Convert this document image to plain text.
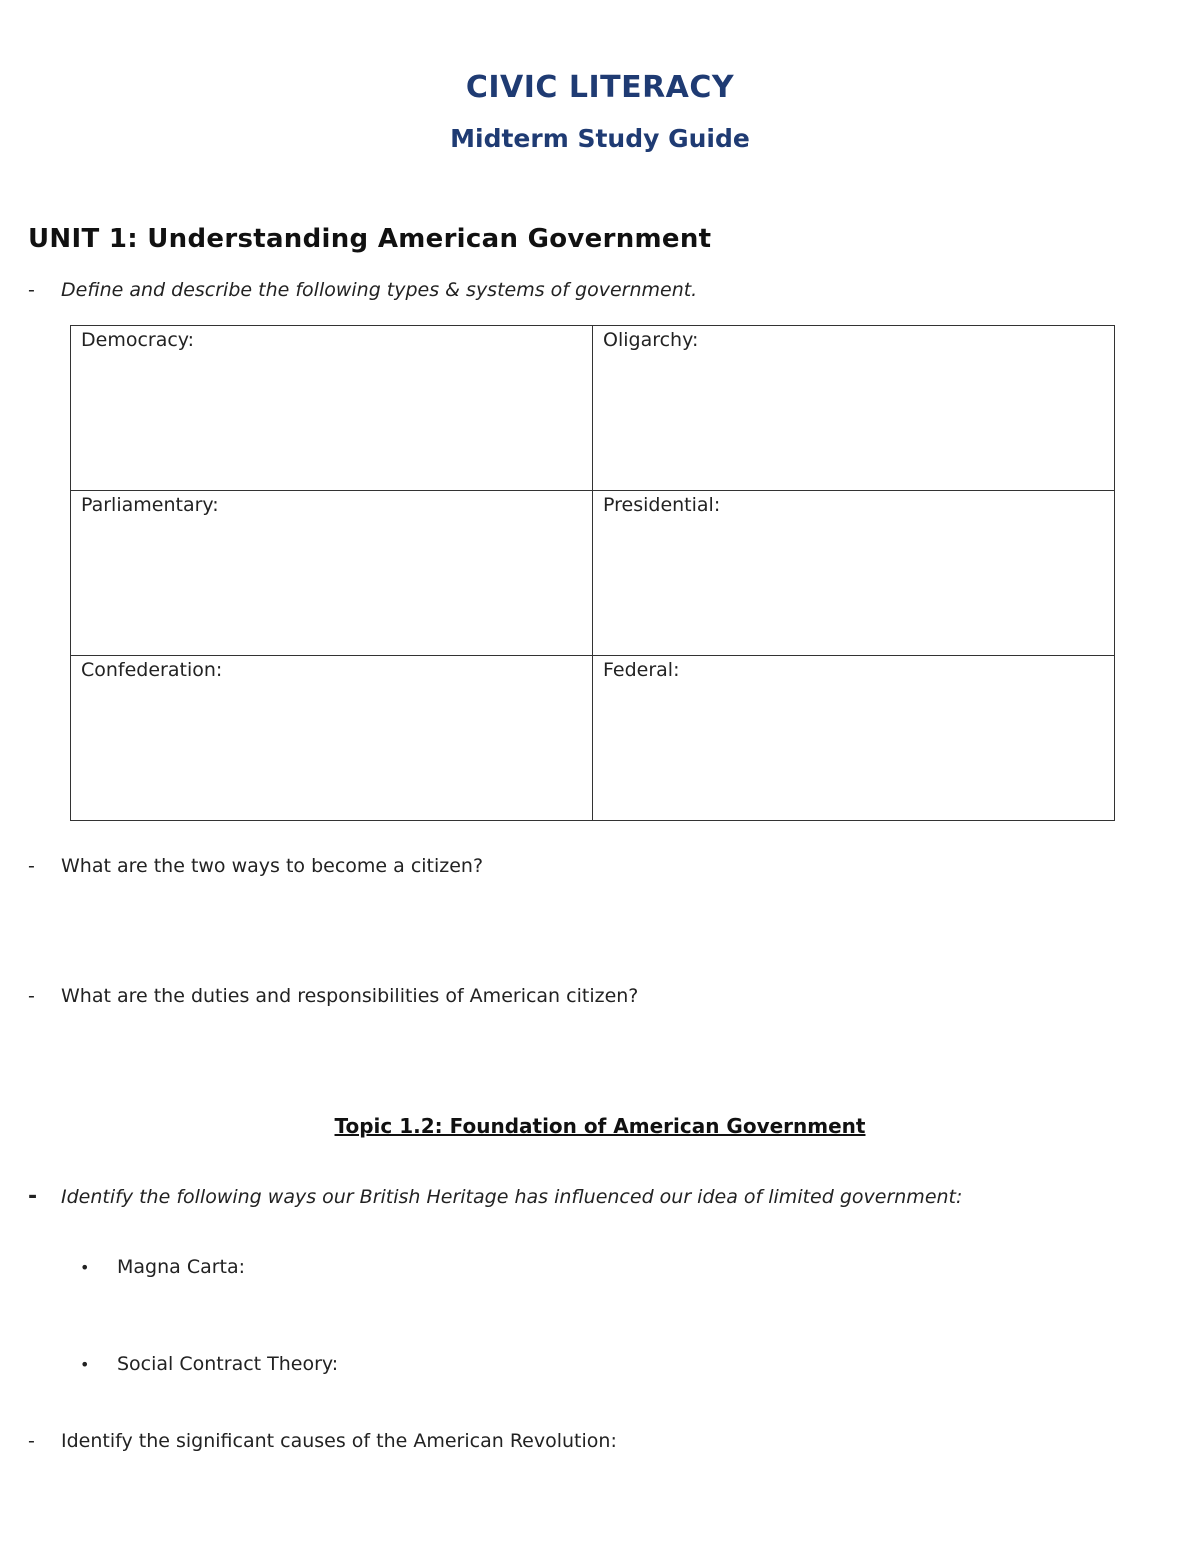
CIVIC LITERACY
Midterm Study Guide
UNIT 1: Understanding American Government
- Define and describe the following types & systems of government.
Democracy:	Oligarchy:
Parliamentary:	Presidential:
Confederation:	Federal:
- What are the two ways to become a citizen?
- What are the duties and responsibilities of American citizen?
Topic 1.2: Foundation of American Government
- Identify the following ways our British Heritage has influenced our idea of limited government:
• Magna Carta:
• Social Contract Theory:
- Identify the significant causes of the American Revolution:
